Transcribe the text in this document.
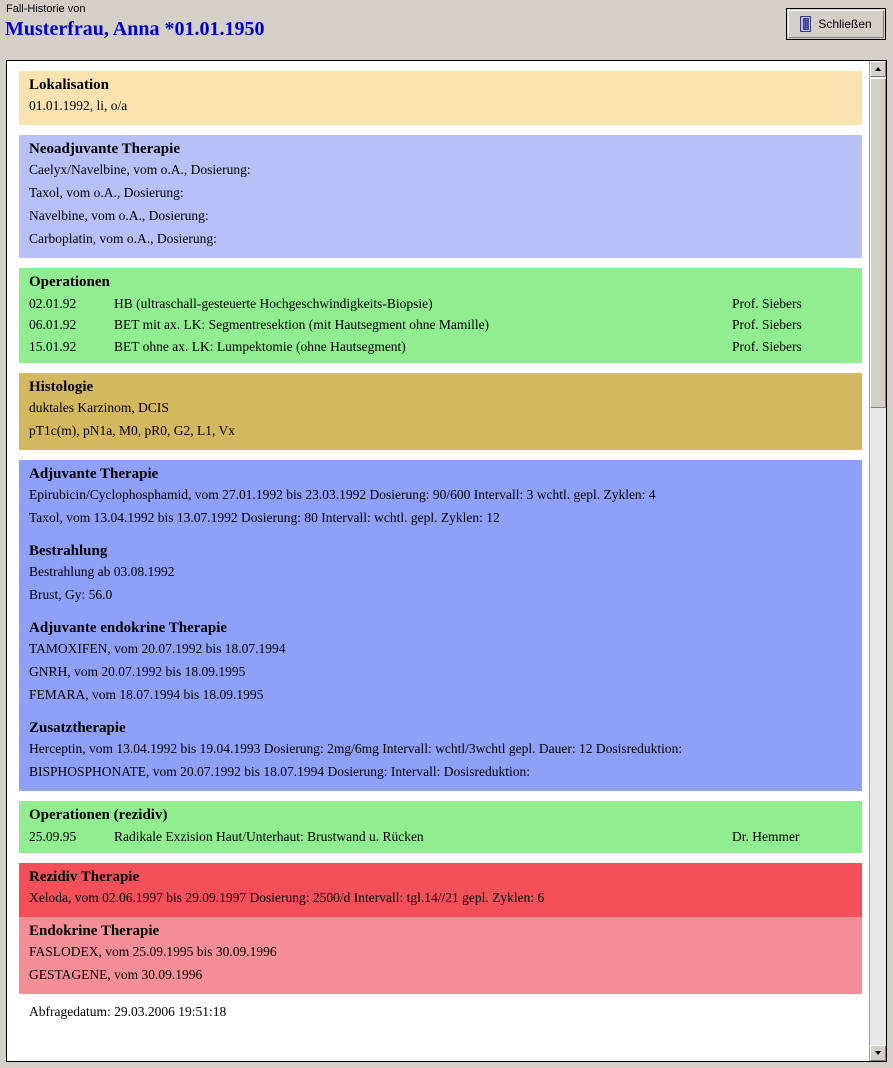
Fall-Historie von
Musterfrau, Anna *01.01.1950	Schließen
Lokalisation
01.01.1992, li, o/a
Neoadjuvante Therapie
Caelyx/Navelbine, vom o.A., Dosierung:
Taxol, vom o.A., Dosierung:
Navelbine, vom o.A., Dosierung:
Carboplatin, vom o.A., Dosierung:
Operationen
02.01.92	HB (ultraschall-gesteuerte Hochgeschwindigkeits-Biopsie)	Prof. Siebers
06.01.92	BET mit ax. LK: Segmentresektion (mit Hautsegment ohne Mamille)	Prof. Siebers
15.01.92	BET ohne ax. LK: Lumpektomie (ohne Hautsegment)	Prof. Siebers
Histologie
duktales Karzinom, DCIS
pT1c(m), pN1a, M0, pR0, G2, L1, Vx
Adjuvante Therapie
Epirubicin/Cyclophosphamid, vom 27.01.1992 bis 23.03.1992 Dosierung: 90/600 Intervall: 3 wchtl. gepl. Zyklen: 4
Taxol, vom 13.04.1992 bis 13.07.1992 Dosierung: 80 Intervall: wchtl. gepl. Zyklen: 12
Bestrahlung
Bestrahlung ab 03.08.1992
Brust, Gy: 56.0
Adjuvante endokrine Therapie
TAMOXIFEN, vom 20.07.1992 bis 18.07.1994
GNRH, vom 20.07.1992 bis 18.09.1995
FEMARA, vom 18.07.1994 bis 18.09.1995
Zusatztherapie
Herceptin, vom 13.04.1992 bis 19.04.1993 Dosierung: 2mg/6mg Intervall: wchtl/3wchtl gepl. Dauer: 12 Dosisreduktion:
BISPHOSPHONATE, vom 20.07.1992 bis 18.07.1994 Dosierung: Intervall: Dosisreduktion:
Operationen (rezidiv)
25.09.95	Radikale Exzision Haut/Unterhaut: Brustwand u. Rücken	Dr. Hemmer
Rezidiv Therapie
Xeloda, vom 02.06.1997 bis 29.09.1997 Dosierung: 2500/d Intervall: tgl.14//21 gepl. Zyklen: 6
Endokrine Therapie
FASLODEX, vom 25.09.1995 bis 30.09.1996
GESTAGENE, vom 30.09.1996
Abfragedatum: 29.03.2006 19:51:18
